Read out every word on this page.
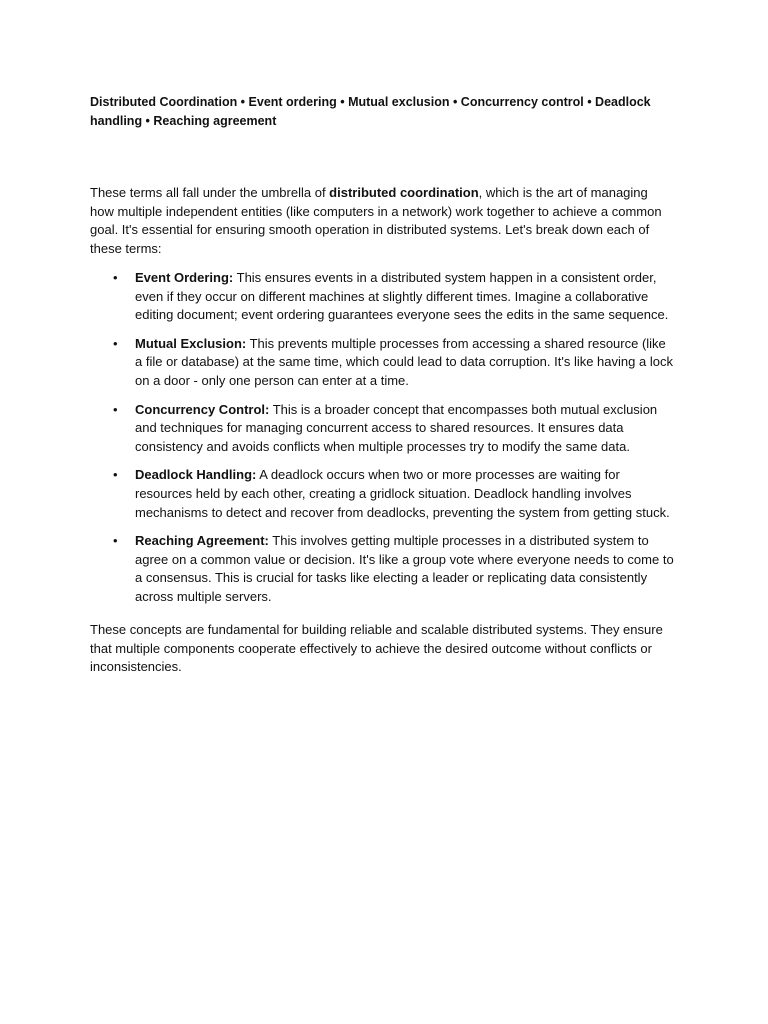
Distributed Coordination • Event ordering • Mutual exclusion • Concurrency control • Deadlock handling • Reaching agreement

These terms all fall under the umbrella of distributed coordination, which is the art of managing how multiple independent entities (like computers in a network) work together to achieve a common goal. It's essential for ensuring smooth operation in distributed systems. Let's break down each of these terms:

• Event Ordering: This ensures events in a distributed system happen in a consistent order, even if they occur on different machines at slightly different times. Imagine a collaborative editing document; event ordering guarantees everyone sees the edits in the same sequence.
• Mutual Exclusion: This prevents multiple processes from accessing a shared resource (like a file or database) at the same time, which could lead to data corruption. It's like having a lock on a door - only one person can enter at a time.
• Concurrency Control: This is a broader concept that encompasses both mutual exclusion and techniques for managing concurrent access to shared resources. It ensures data consistency and avoids conflicts when multiple processes try to modify the same data.
• Deadlock Handling: A deadlock occurs when two or more processes are waiting for resources held by each other, creating a gridlock situation. Deadlock handling involves mechanisms to detect and recover from deadlocks, preventing the system from getting stuck.
• Reaching Agreement: This involves getting multiple processes in a distributed system to agree on a common value or decision. It's like a group vote where everyone needs to come to a consensus. This is crucial for tasks like electing a leader or replicating data consistently across multiple servers.

These concepts are fundamental for building reliable and scalable distributed systems. They ensure that multiple components cooperate effectively to achieve the desired outcome without conflicts or inconsistencies.
